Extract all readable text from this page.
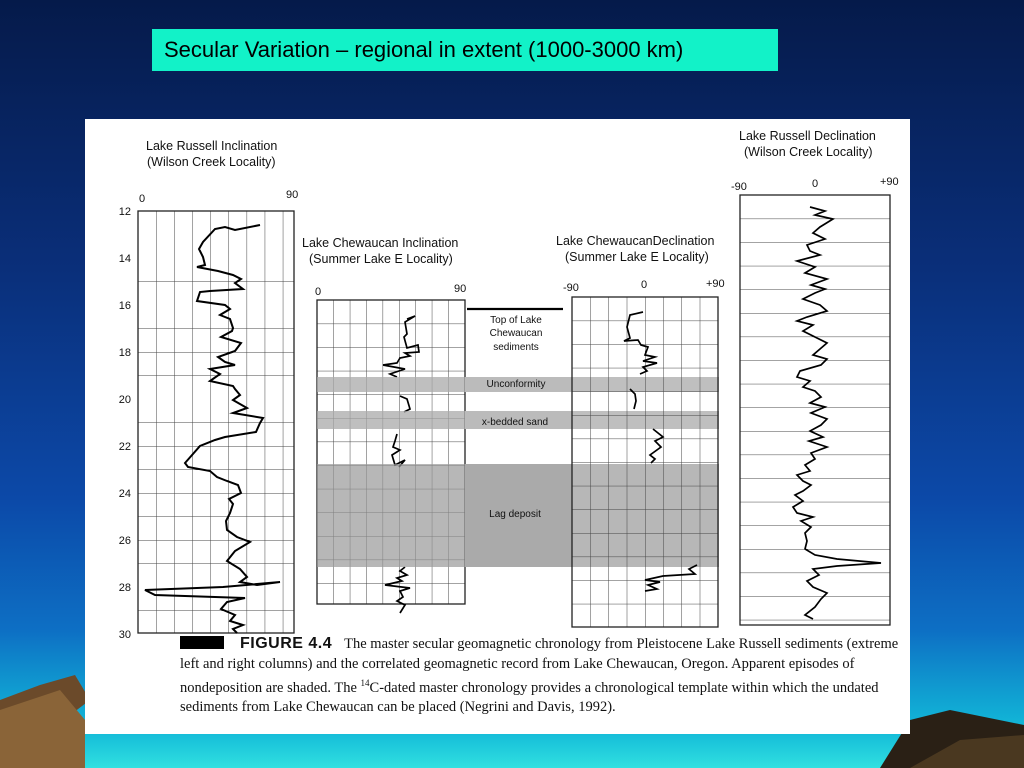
Secular Variation – regional in extent (1000-3000 km)
Lake Russell Inclination
(Wilson Creek Locality)
0	90
12
14
16
18
20
22
24
26
28
30
Lake Chewaucan Inclination
(Summer Lake E Locality)
0	90
Top of Lake
Chewaucan
sediments
Unconformity
x-bedded sand
Lag deposit
Lake ChewaucanDeclination
(Summer Lake E Locality)
-90	0	+90
Lake Russell Declination
(Wilson Creek Locality)
-90	0	+90

FIGURE 4.4 The master secular geomagnetic chronology from Pleistocene Lake Russell sediments (extreme left and right columns) and the correlated geomagnetic record from Lake Chewaucan, Oregon. Apparent episodes of nondeposition are shaded. The $^{14}$C-dated master chronology provides a chronological template within which the undated sediments from Lake Chewaucan can be placed (Negrini and Davis, 1992).
